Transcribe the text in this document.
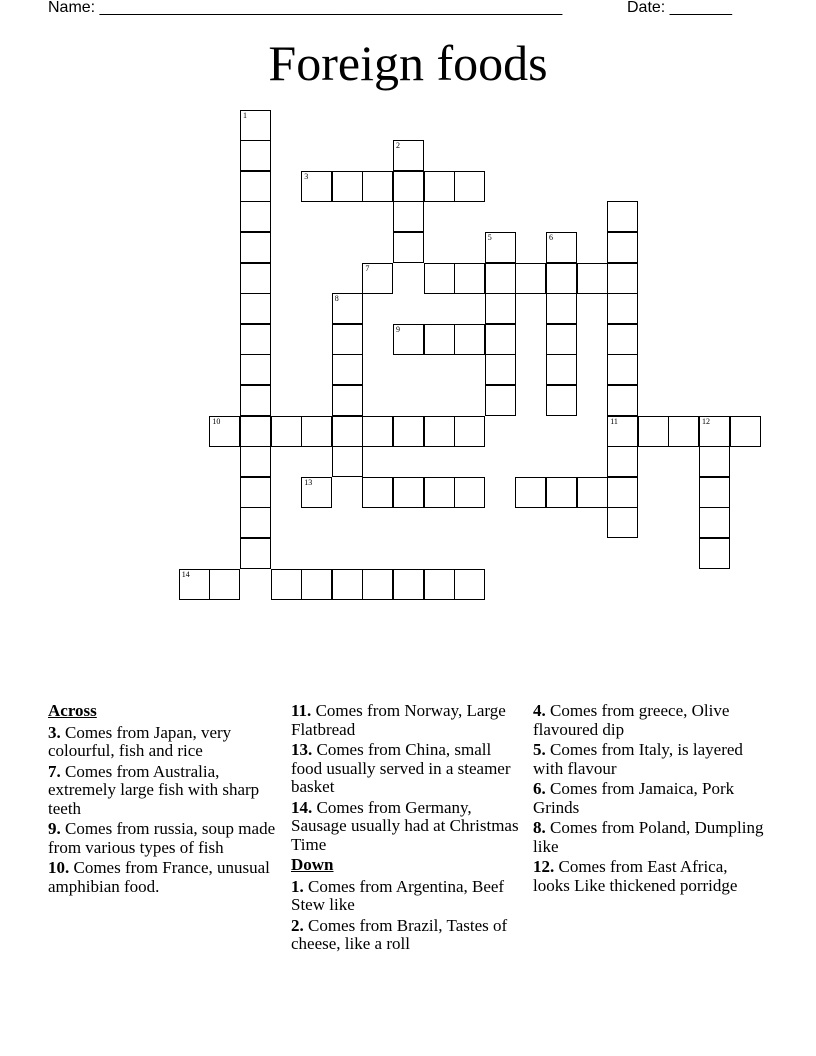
Name: ____________________________________________________	Date: _______
Foreign foods
1
2
3
11
5	6
7
8
9
10	12
13
14
Across
3. Comes from Japan, very colourful, fish and rice
7. Comes from Australia, extremely large fish with sharp teeth
9. Comes from russia, soup made from various types of fish
10. Comes from France, unusual amphibian food.
11. Comes from Norway, Large Flatbread
13. Comes from China, small food usually served in a steamer basket
14. Comes from Germany, Sausage usually had at Christmas Time
Down
1. Comes from Argentina, Beef Stew like
2. Comes from Brazil, Tastes of cheese, like a roll
4. Comes from greece, Olive flavoured dip
5. Comes from Italy, is layered with flavour
6. Comes from Jamaica, Pork Grinds
8. Comes from Poland, Dumpling like
12. Comes from East Africa, looks Like thickened porridge
